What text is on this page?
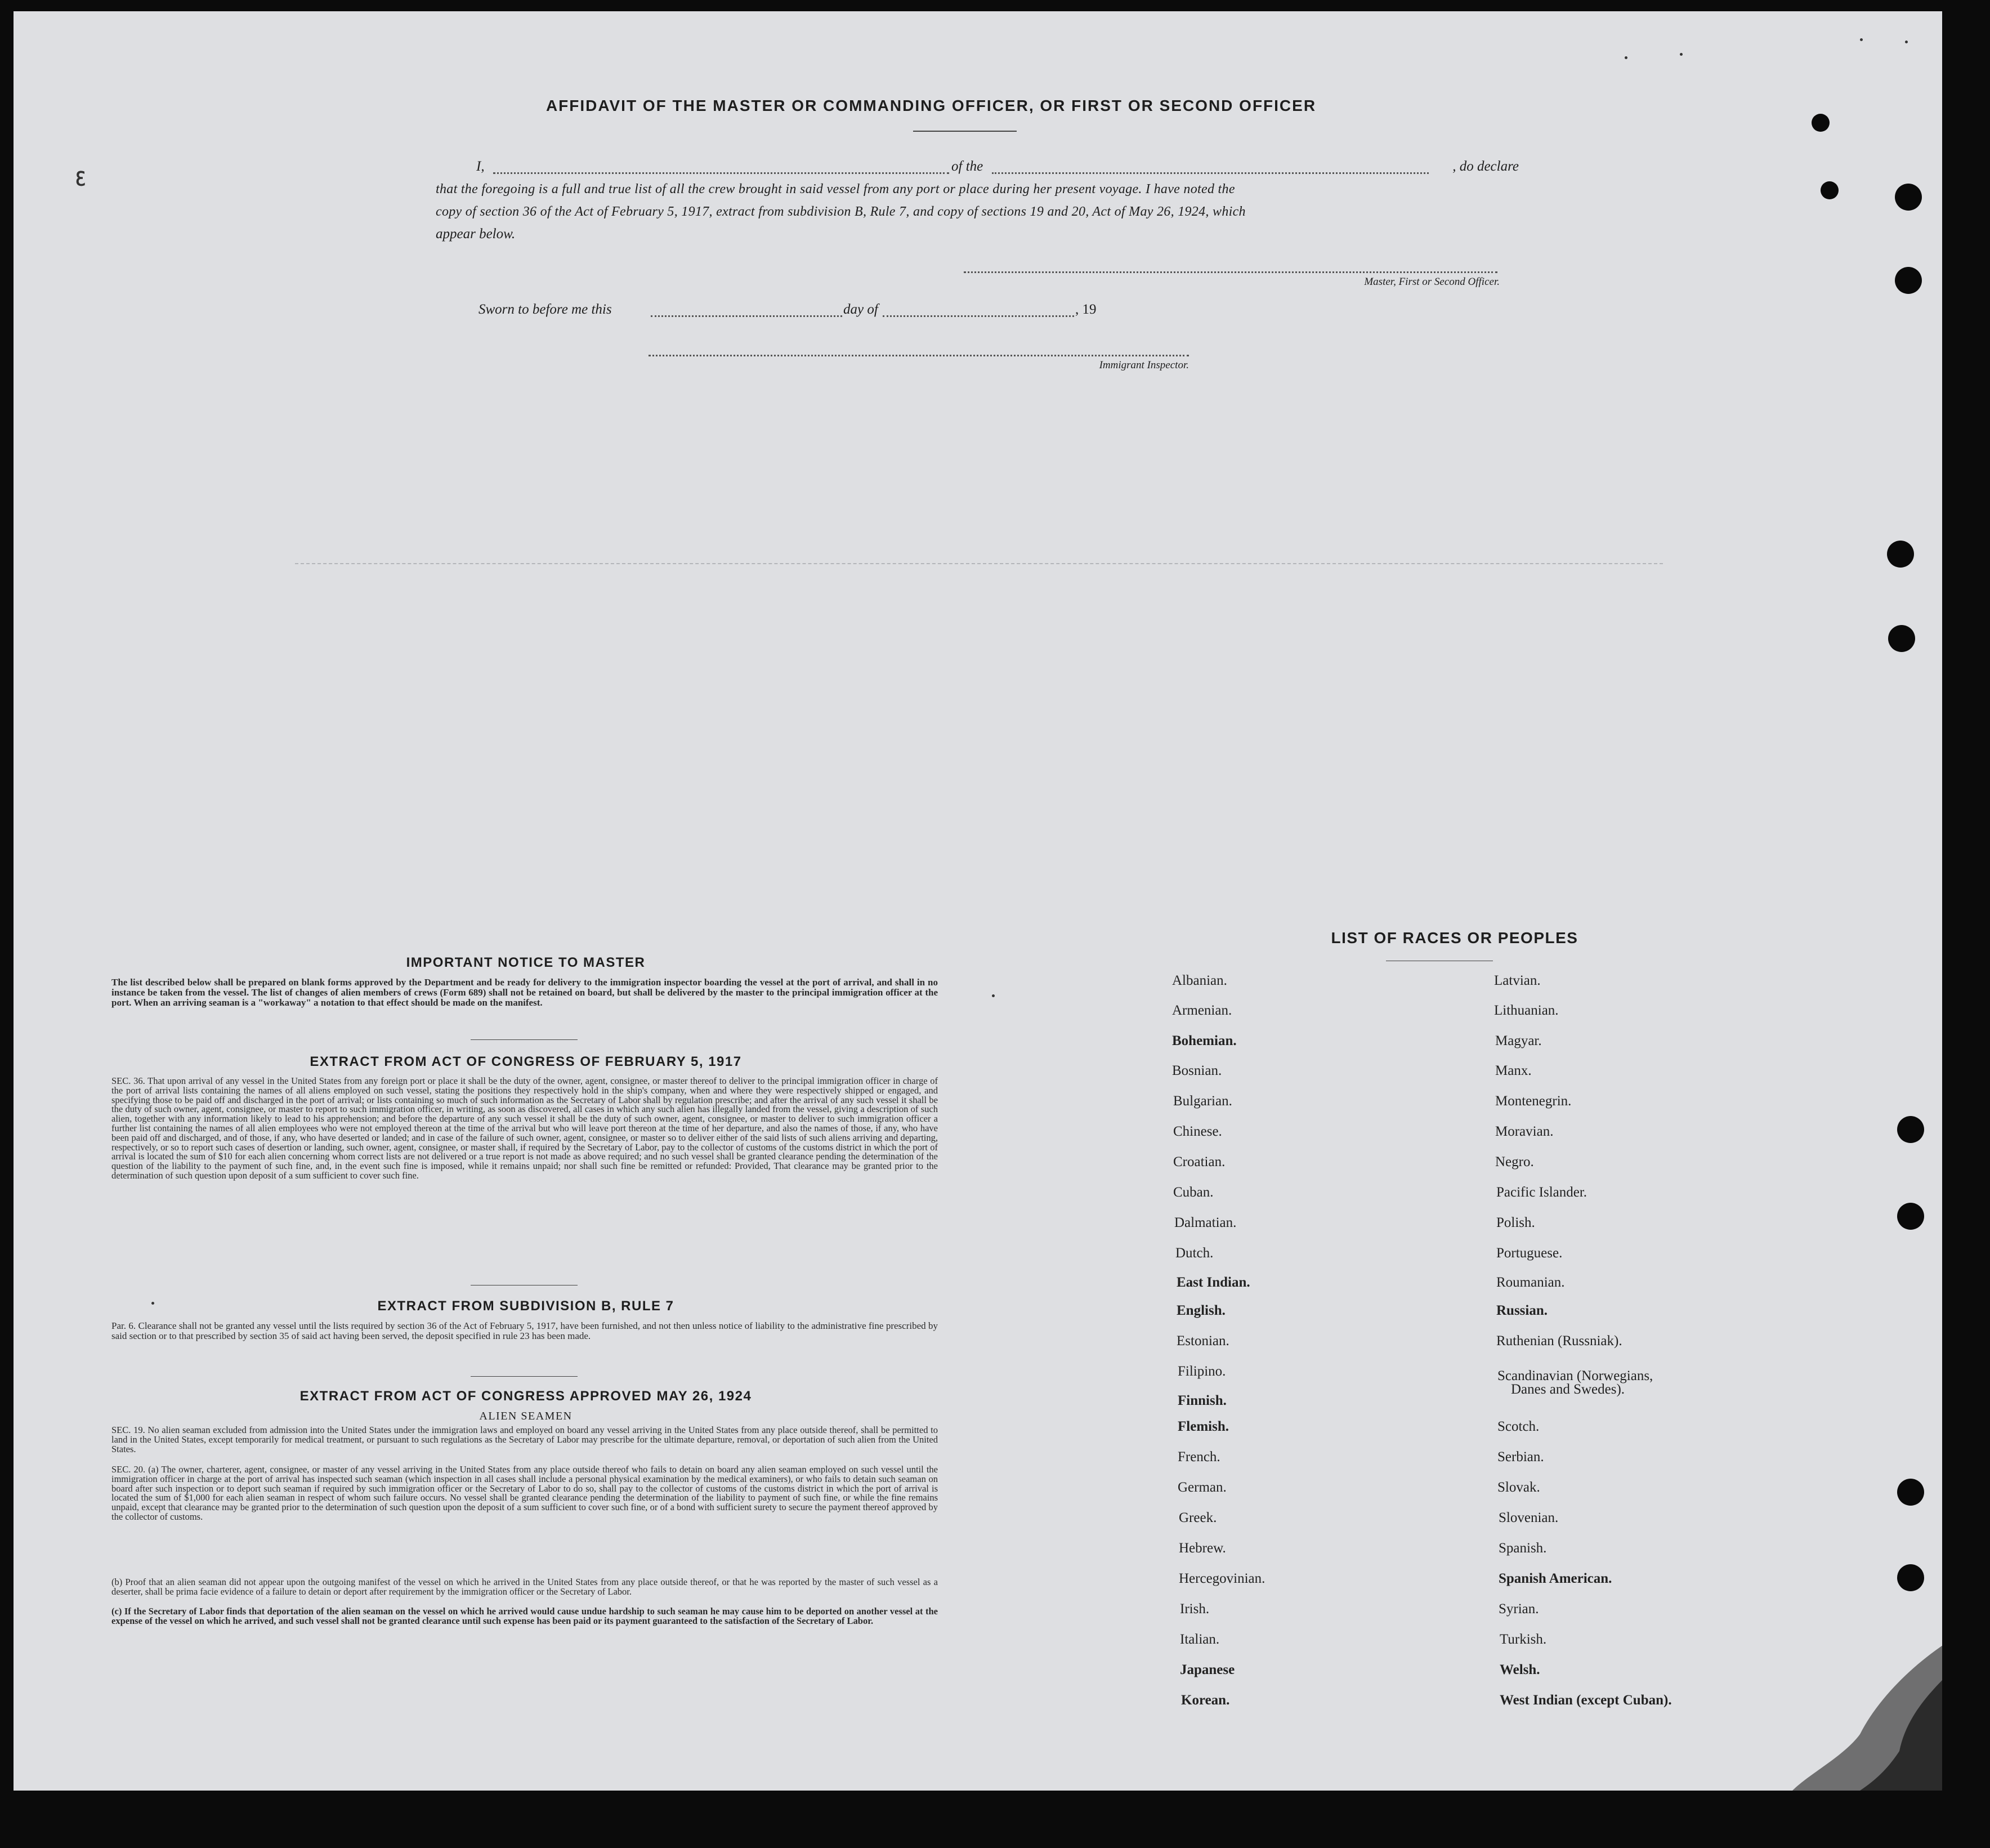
ꜫ
AFFIDAVIT OF THE MASTER OR COMMANDING OFFICER, OR FIRST OR SECOND OFFICER
I,	of the	, do declare
that the foregoing is a full and true list of all the crew brought in said vessel from any port or place during her present voyage. I have noted the
copy of section 36 of the Act of February 5, 1917, extract from subdivision B, Rule 7, and copy of sections 19 and 20, Act of May 26, 1924, which
appear below.
Master, First or Second Officer.
Sworn to before me this	day of	, 19
Immigrant Inspector.
IMPORTANT NOTICE TO MASTER
The list described below shall be prepared on blank forms approved by the Department and be ready for delivery to the immigration inspector boarding the vessel at the port of arrival, and shall in no instance be taken from the vessel. The list of changes of alien members of crews (Form 689) shall not be retained on board, but shall be delivered by the master to the principal immigration officer at the port. When an arriving seaman is a "workaway" a notation to that effect should be made on the manifest.
EXTRACT FROM ACT OF CONGRESS OF FEBRUARY 5, 1917
SEC. 36. That upon arrival of any vessel in the United States from any foreign port or place it shall be the duty of the owner, agent, consignee, or master thereof to deliver to the principal immigration officer in charge of the port of arrival lists containing the names of all aliens employed on such vessel, stating the positions they respectively hold in the ship's company, when and where they were respectively shipped or engaged, and specifying those to be paid off and discharged in the port of arrival; or lists containing so much of such information as the Secretary of Labor shall by regulation prescribe; and after the arrival of any such vessel it shall be the duty of such owner, agent, consignee, or master to report to such immigration officer, in writing, as soon as discovered, all cases in which any such alien has illegally landed from the vessel, giving a description of such alien, together with any information likely to lead to his apprehension; and before the departure of any such vessel it shall be the duty of such owner, agent, consignee, or master to deliver to such immigration officer a further list containing the names of all alien employees who were not employed thereon at the time of the arrival but who will leave port thereon at the time of her departure, and also the names of those, if any, who have been paid off and discharged, and of those, if any, who have deserted or landed; and in case of the failure of such owner, agent, consignee, or master so to deliver either of the said lists of such aliens arriving and departing, respectively, or so to report such cases of desertion or landing, such owner, agent, consignee, or master shall, if required by the Secretary of Labor, pay to the collector of customs of the customs district in which the port of arrival is located the sum of $10 for each alien concerning whom correct lists are not delivered or a true report is not made as above required; and no such vessel shall be granted clearance pending the determination of the question of the liability to the payment of such fine, and, in the event such fine is imposed, while it remains unpaid; nor shall such fine be remitted or refunded: Provided, That clearance may be granted prior to the determination of such question upon deposit of a sum sufficient to cover such fine.
EXTRACT FROM SUBDIVISION B, RULE 7
Par. 6. Clearance shall not be granted any vessel until the lists required by section 36 of the Act of February 5, 1917, have been furnished, and not then unless notice of liability to the administrative fine prescribed by said section or to that prescribed by section 35 of said act having been served, the deposit specified in rule 23 has been made.
EXTRACT FROM ACT OF CONGRESS APPROVED MAY 26, 1924
ALIEN SEAMEN
SEC. 19. No alien seaman excluded from admission into the United States under the immigration laws and employed on board any vessel arriving in the United States from any place outside thereof, shall be permitted to land in the United States, except temporarily for medical treatment, or pursuant to such regulations as the Secretary of Labor may prescribe for the ultimate departure, removal, or deportation of such alien from the United States.
SEC. 20. (a) The owner, charterer, agent, consignee, or master of any vessel arriving in the United States from any place outside thereof who fails to detain on board any alien seaman employed on such vessel until the immigration officer in charge at the port of arrival has inspected such seaman (which inspection in all cases shall include a personal physical examination by the medical examiners), or who fails to detain such seaman on board after such inspection or to deport such seaman if required by such immigration officer or the Secretary of Labor to do so, shall pay to the collector of customs of the customs district in which the port of arrival is located the sum of $1,000 for each alien seaman in respect of whom such failure occurs. No vessel shall be granted clearance pending the determination of the liability to payment of such fine, or while the fine remains unpaid, except that clearance may be granted prior to the determination of such question upon the deposit of a sum sufficient to cover such fine, or of a bond with sufficient surety to secure the payment thereof approved by the collector of customs.
(b) Proof that an alien seaman did not appear upon the outgoing manifest of the vessel on which he arrived in the United States from any place outside thereof, or that he was reported by the master of such vessel as a deserter, shall be prima facie evidence of a failure to detain or deport after requirement by the immigration officer or the Secretary of Labor.
(c) If the Secretary of Labor finds that deportation of the alien seaman on the vessel on which he arrived would cause undue hardship to such seaman he may cause him to be deported on another vessel at the expense of the vessel on which he arrived, and such vessel shall not be granted clearance until such expense has been paid or its payment guaranteed to the satisfaction of the Secretary of Labor.
LIST OF RACES OR PEOPLES
Albanian.
Armenian.
Bohemian.
Bosnian.
Bulgarian.
Chinese.
Croatian.
Cuban.
Dalmatian.
Dutch.
East Indian.
English.
Estonian.
Filipino.
Finnish.
Flemish.
French.
German.
Greek.
Hebrew.
Hercegovinian.
Irish.
Italian.
Japanese
Korean.
Latvian.
Lithuanian.
Magyar.
Manx.
Montenegrin.
Moravian.
Negro.
Pacific Islander.
Polish.
Portuguese.
Roumanian.
Russian.
Ruthenian (Russniak).
Scandinavian (Norwegians,
Danes and Swedes).
Scotch.
Serbian.
Slovak.
Slovenian.
Spanish.
Spanish American.
Syrian.
Turkish.
Welsh.
West Indian (except Cuban).
